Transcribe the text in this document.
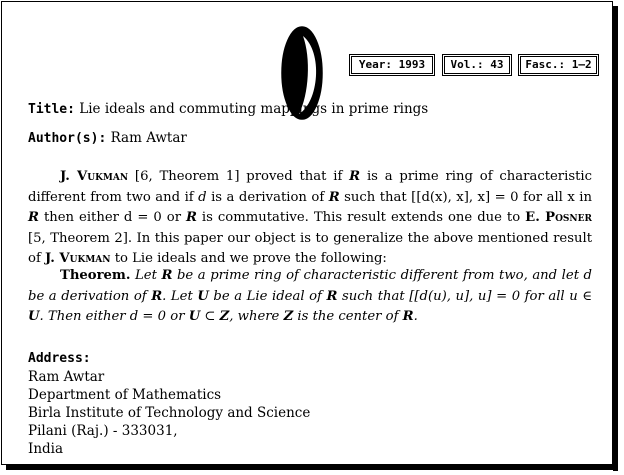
Year: 1993	Vol.: 43	Fasc.: 1–2
Title: Lie ideals and commuting mappings in prime rings
Author(s): Ram Awtar

J. Vukman [6, Theorem 1] proved that if R is a prime ring of characteristic different from two and if d is a derivation of R such that [[d(x), x], x] = 0 for all x in R then either d = 0 or R is commutative. This result extends one due to E. Posner [5, Theorem 2]. In this paper our object is to generalize the above mentioned result of J. Vukman to Lie ideals and we prove the following:

Theorem. Let R be a prime ring of characteristic different from two, and let d be a derivation of R. Let U be a Lie ideal of R such that [[d(u), u], u] = 0 for all u ∈ U. Then either d = 0 or U ⊂ Z, where Z is the center of R.

Address:
Ram Awtar
Department of Mathematics
Birla Institute of Technology and Science
Pilani (Raj.) - 333031,
India
